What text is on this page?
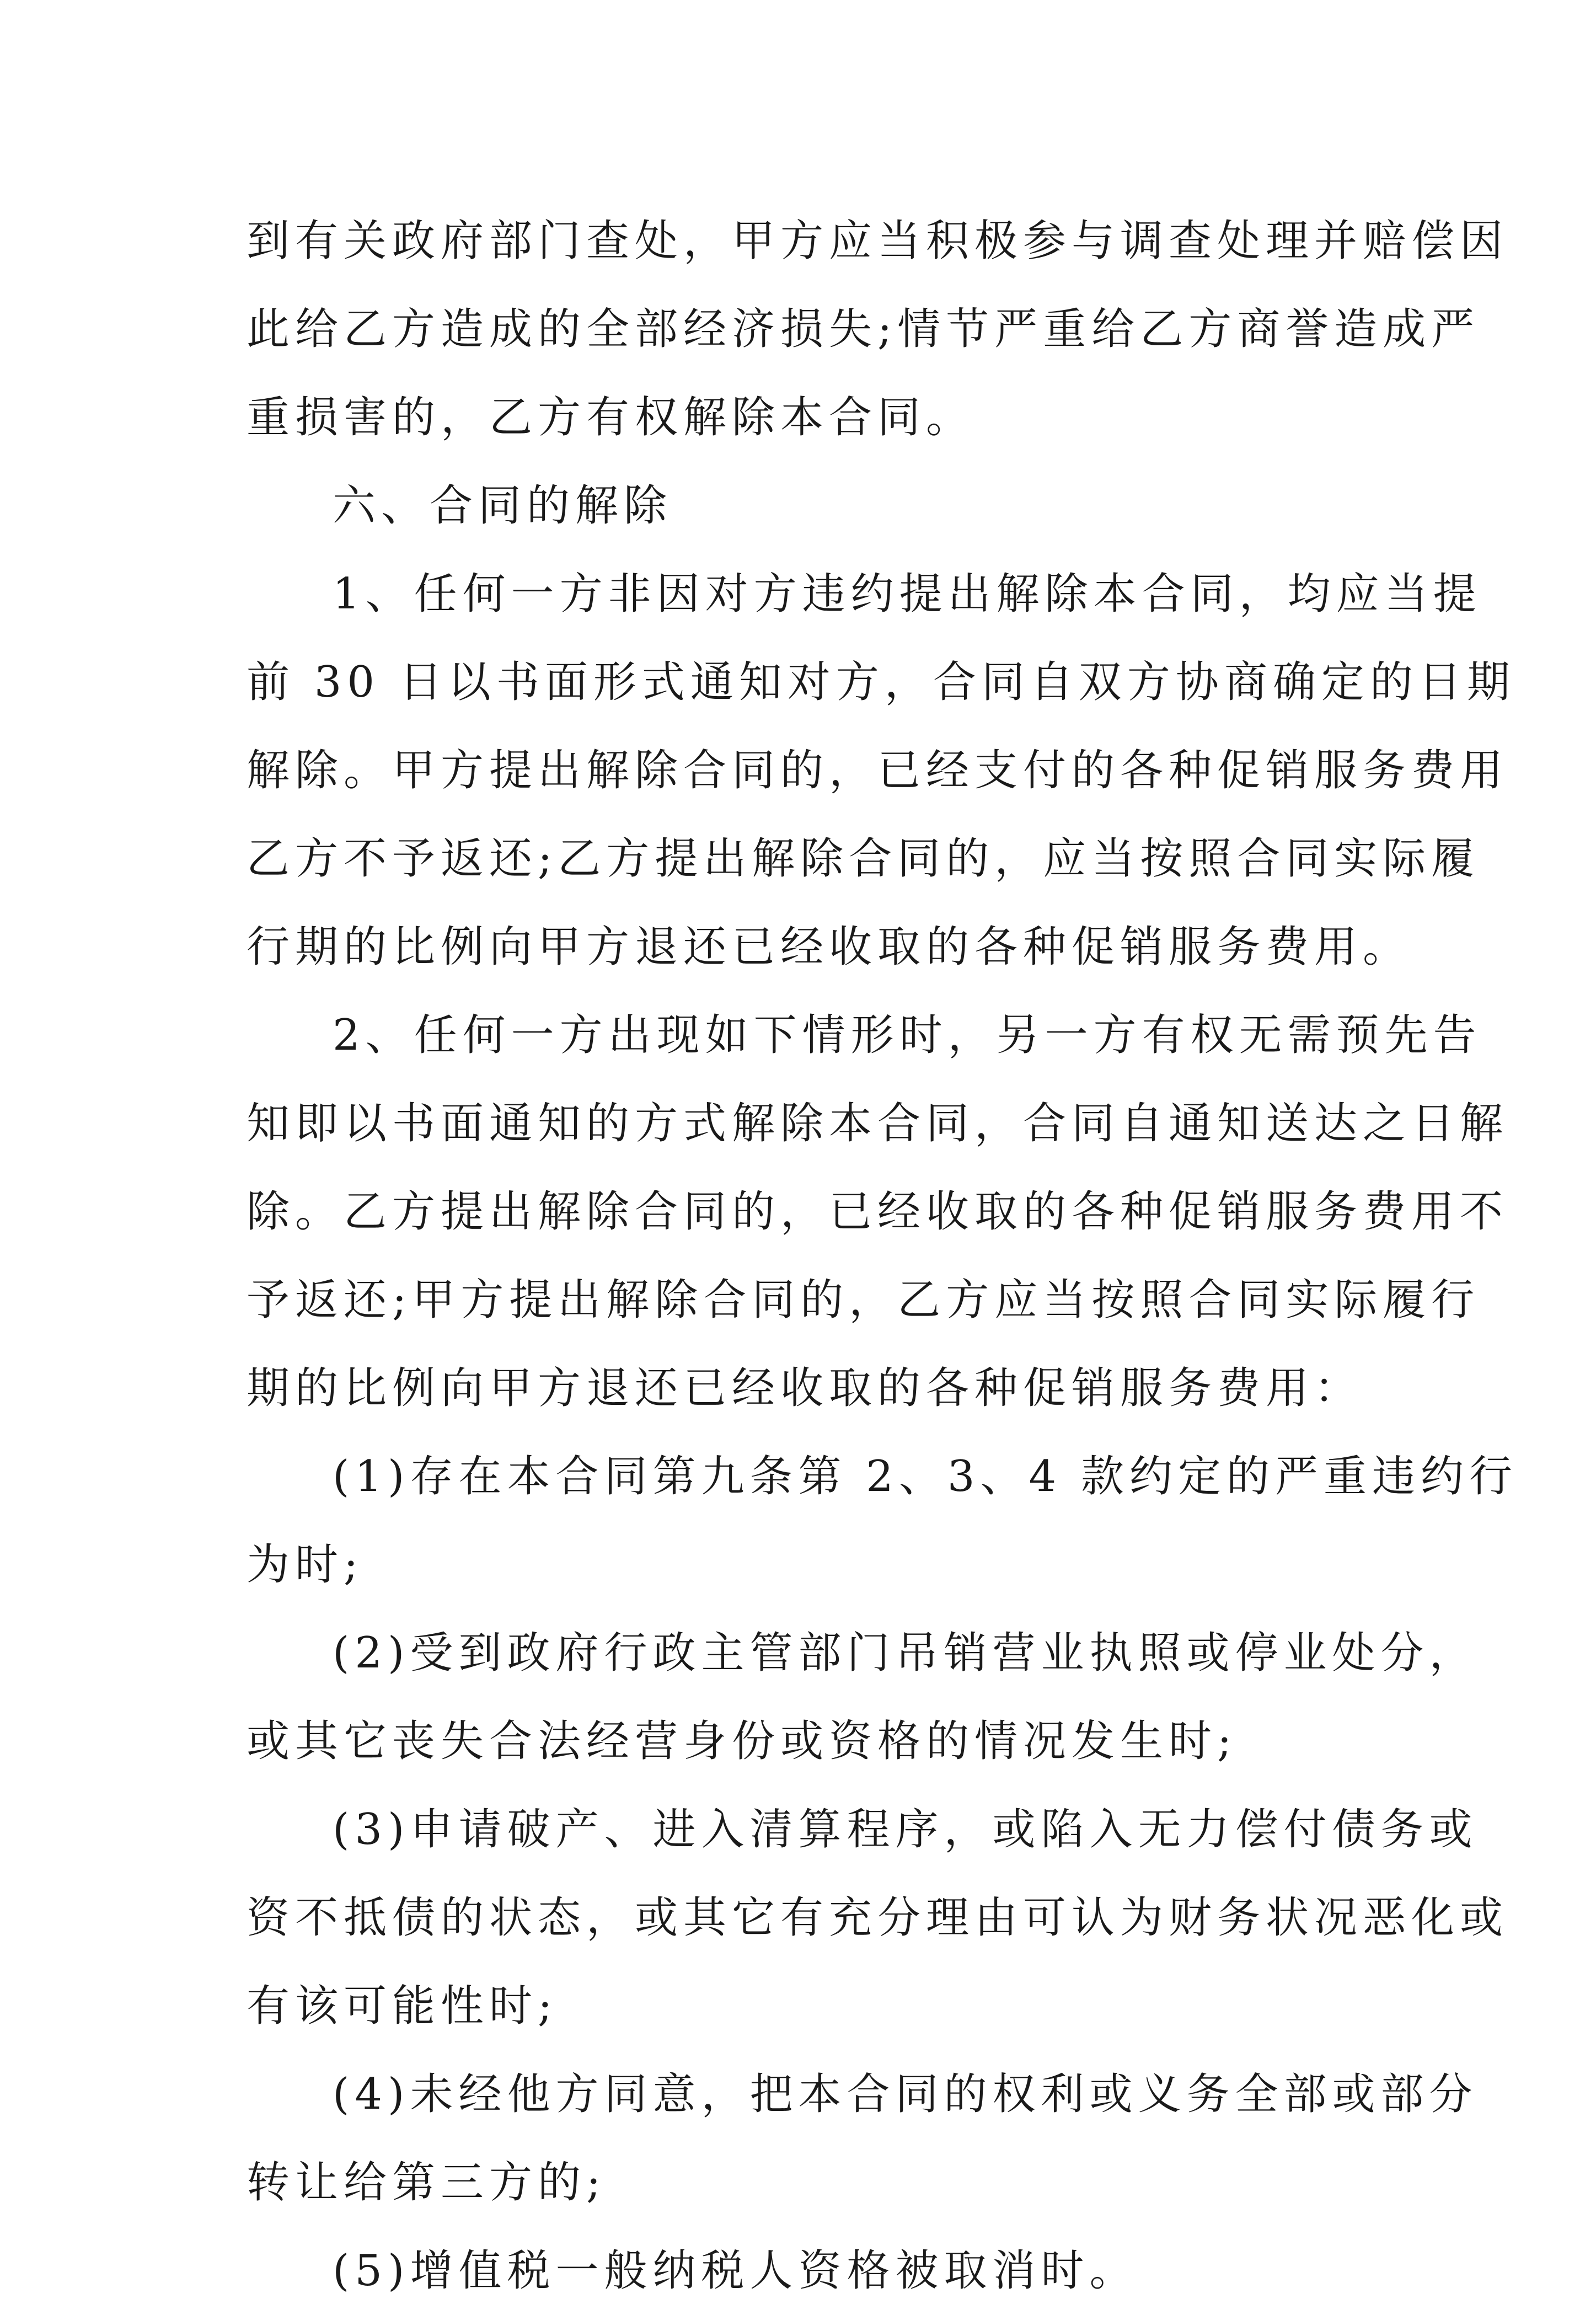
到有关政府部门查处，甲方应当积极参与调查处理并赔偿因
此给乙方造成的全部经济损失;情节严重给乙方商誉造成严
重损害的，乙方有权解除本合同。
六、合同的解除
1、任何一方非因对方违约提出解除本合同，均应当提
前 30 日以书面形式通知对方，合同自双方协商确定的日期
解除。甲方提出解除合同的，已经支付的各种促销服务费用
乙方不予返还;乙方提出解除合同的，应当按照合同实际履
行期的比例向甲方退还已经收取的各种促销服务费用。
2、任何一方出现如下情形时，另一方有权无需预先告
知即以书面通知的方式解除本合同，合同自通知送达之日解
除。乙方提出解除合同的，已经收取的各种促销服务费用不
予返还;甲方提出解除合同的，乙方应当按照合同实际履行
期的比例向甲方退还已经收取的各种促销服务费用：
(1)存在本合同第九条第 2、3、4 款约定的严重违约行
为时;
(2)受到政府行政主管部门吊销营业执照或停业处分，
或其它丧失合法经营身份或资格的情况发生时;
(3)申请破产、进入清算程序，或陷入无力偿付债务或
资不抵债的状态，或其它有充分理由可认为财务状况恶化或
有该可能性时;
(4)未经他方同意，把本合同的权利或义务全部或部分
转让给第三方的;
(5)增值税一般纳税人资格被取消时。
